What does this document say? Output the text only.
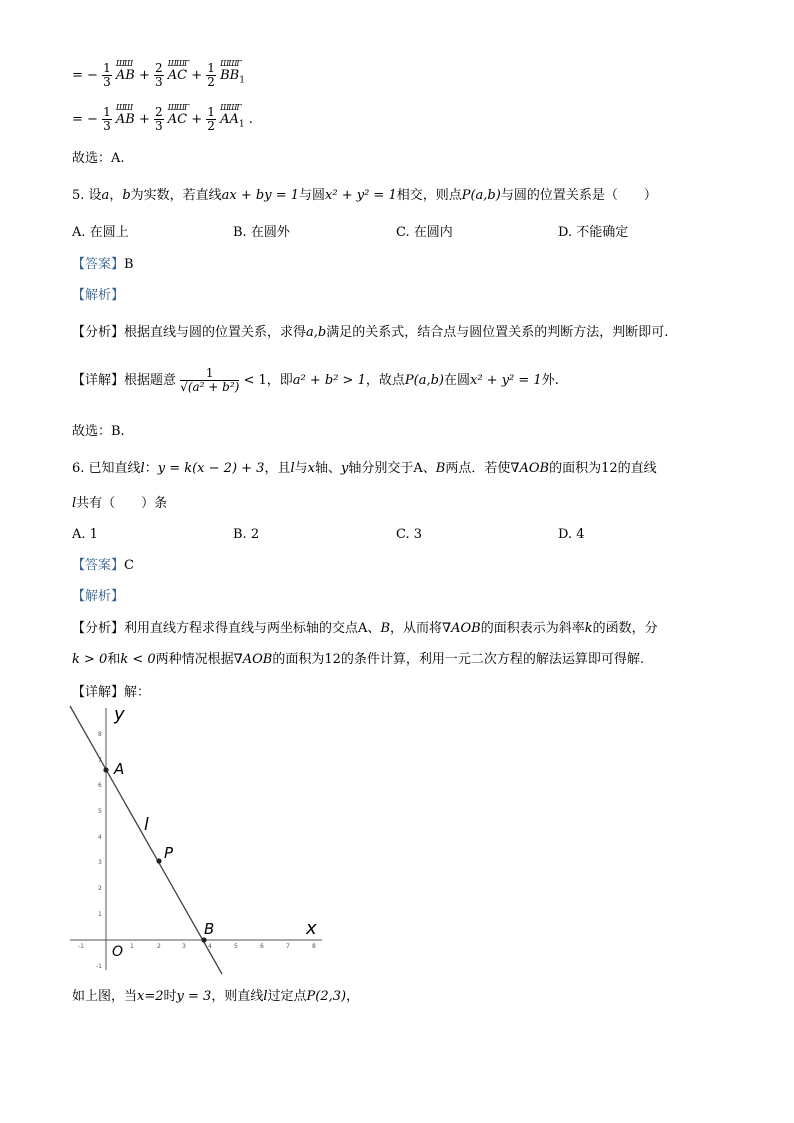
= − $\frac{1}{3}$
ШШ
AB + $\frac{2}{3}$
ШШГ
AC + $\frac{1}{2}$
ШШГ
$BB_1$
= − $\frac{1}{3}$
ШШ
AB + $\frac{2}{3}$
ШШГ
AC + $\frac{1}{2}$
ШШГ
$AA_1$ .
故选：A.
5. 设a，b为实数，若直线ax + by = 1与圆x² + y² = 1相交，则点P(a,b)与圆的位置关系是（　　）
A. 在圆上	B. 在圆外	C. 在圆内	D. 不能确定
【答案】B
【解析】
【分析】根据直线与圆的位置关系，求得a,b满足的关系式，结合点与圆位置关系的判断方法，判断即可.
【详解】根据题意 $\frac{1}{\text{√(a² + b²)}} < 1$，即a² + b² > 1，故点P(a,b)在圆x² + y² = 1外.
故选：B.
6. 已知直线l：y = k(x − 2) + 3，且l与x轴、y轴分别交于A、B两点．若使∇AOB的面积为12的直线
l共有（　　）条
A. 1	B. 2	C. 3	D. 4
【答案】C
【解析】
【分析】利用直线方程求得直线与两坐标轴的交点A、B，从而将∇AOB的面积表示为斜率k的函数，分
k > 0和k < 0两种情况根据∇AOB的面积为12的条件计算，利用一元二次方程的解法运算即可得解.
【详解】解：
-1	1	2	3	4	5	6	7	8
8
7
6
5
4
3
2
1
-1
y
x
O
A
P
B
l
如上图，当x=2时y = 3，则直线l过定点P(2,3)，
